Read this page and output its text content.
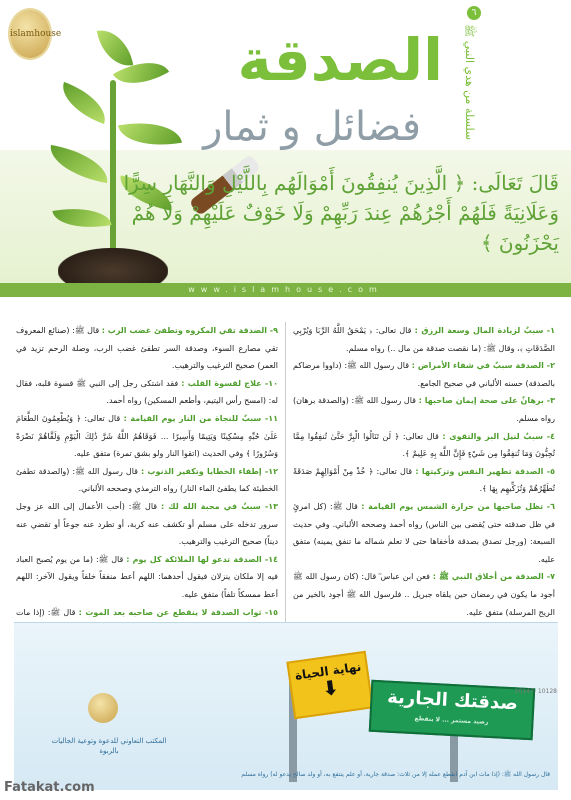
islamhouse
٦
سلسلة من هدي النبي ﷺ
الصدقة
فضائل و ثمار
قَالَ تَعَالَى: ﴿ الَّذِينَ يُنفِقُونَ أَمْوَالَهُم بِاللَّيْلِ وَالنَّهَارِ سِرًّا وَعَلَانِيَةً فَلَهُمْ أَجْرُهُمْ عِندَ رَبِّهِمْ وَلَا خَوْفٌ عَلَيْهِمْ وَلَا هُمْ يَحْزَنُونَ ﴾
www.islamhouse.com

١- سببٌ لزيادة المال وسعة الرزق : قال تعالى: ﴿ يَمْحَقُ اللَّهُ الرِّبَا وَيُرْبِي الصَّدَقَاتِ ﴾، وقال ﷺ: (ما نقصت صدقة من مال ..) رواه مسلم.

٢- الصدقة سببٌ في شفاء الأمراض : قال رسول الله ﷺ: (داووا مرضاكم بالصدقة) حسنه الألباني في صحيح الجامع.

٣- برهانٌ على صحة إيمان صاحبها : قال رسول الله ﷺ: (والصدقة برهان) رواه مسلم.

٤- سببٌ لنيل البر والتقوى : قال تعالى: ﴿ لَن تَنَالُوا الْبِرَّ حَتَّىٰ تُنفِقُوا مِمَّا تُحِبُّونَ وَمَا تُنفِقُوا مِن شَيْءٍ فَإِنَّ اللَّهَ بِهِ عَلِيمٌ ﴾.

٥- الصدقة تطهير النفس وتزكيتها : قال تعالى: ﴿ خُذْ مِنْ أَمْوَالِهِمْ صَدَقَةً تُطَهِّرُهُمْ وَتُزَكِّيهِم بِهَا ﴾.

٦- تظل صاحبها من حرارة الشمس يوم القيامة : قال ﷺ: (كل امرئٍ في ظل صدقته حتى يُقضى بين الناس) رواه أحمد وصححه الألباني. وفي حديث السبعة: (ورجل تصدق بصدقة فأخفاها حتى لا تعلم شماله ما تنفق يمينه) متفق عليه.

٧- الصدقة من أخلاق النبي ﷺ : فعن ابن عباس ؓ قال: (كان رسول الله ﷺ أجود ما يكون في رمضان حين يلقاه جبريل .. فلرسول الله ﷺ أجود بالخير من الريح المرسلة) متفق عليه.

٩- الصدقة تقي المكروه وتطفئ غضب الرب : قال ﷺ: (صنائع المعروف تقي مصارع السوء، وصدقة السر تطفئ غضب الرب، وصلة الرحم تزيد في العمر) صحيح الترغيب والترهيب.

١٠- علاج لقسوة القلب : فقد اشتكى رجل إلى النبي ﷺ قسوة قلبه، فقال له: (امسح رأس اليتيم، وأطعم المسكين) رواه أحمد.

١١- سببٌ للنجاة من النار يوم القيامة : قال تعالى: ﴿ وَيُطْعِمُونَ الطَّعَامَ عَلَىٰ حُبِّهِ مِسْكِينًا وَيَتِيمًا وَأَسِيرًا ... فَوَقَاهُمُ اللَّهُ شَرَّ ذَٰلِكَ الْيَوْمِ وَلَقَّاهُمْ نَضْرَةً وَسُرُورًا ﴾ وفي الحديث (اتقوا النار ولو بشق تمرة) متفق عليه.

١٢- إطفاء الخطايا وتكفير الذنوب : قال رسول الله ﷺ: (والصدقة تطفئ الخطيئة كما يطفئ الماء النار) رواه الترمذي وصححه الألباني.

١٣- سببٌ في محبة الله لك : قال ﷺ: (أحب الأعمال إلى الله عز وجل سرور تدخله على مسلم أو تكشف عنه كربة، أو تطرد عنه جوعاً أو تقضي عنه ديناً) صحيح الترغيب والترهيب.

١٤- الصدقة تدعو لها الملائكة كل يوم : قال ﷺ: (ما من يوم يُصبح العباد فيه إلا ملكان ينزلان فيقول أحدهما: اللهم أعط منفقاً خلفاً ويقول الآخر: اللهم أعط ممسكاً تلفاً) متفق عليه.

١٥- ثواب الصدقة لا ينقطع عن صاحبه بعد الموت : قال ﷺ: (إذا مات

المكتب التعاوني للدعوة وتوعية الجاليات بالربوة
نهاية الحياة
⬇	صدقتك الجارية
رصيد مستمر ... لا ينقطع
قال رسول الله ﷺ: (إذا مات ابن آدم انقطع عمله إلا من ثلاث: صدقة جارية، أو علم ينتفع به، أو ولد صالح يدعو له) رواه مسلم
20147- 10128
Fatakat.com
